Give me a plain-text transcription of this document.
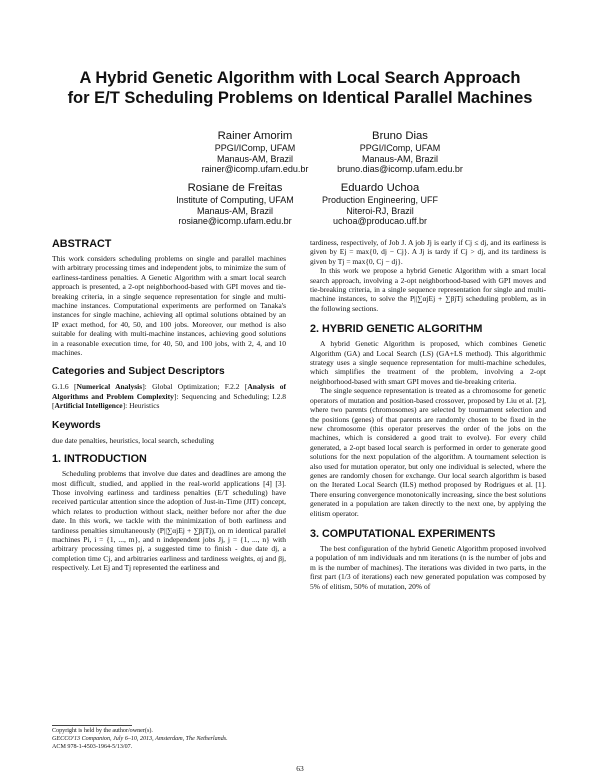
A Hybrid Genetic Algorithm with Local Search Approach
for E/T Scheduling Problems on Identical Parallel Machines
Rainer Amorim
PPGI/IComp, UFAM
Manaus-AM, Brazil
rainer@icomp.ufam.edu.br
Bruno Dias
PPGI/IComp, UFAM
Manaus-AM, Brazil
bruno.dias@icomp.ufam.edu.br
Rosiane de Freitas
Institute of Computing, UFAM
Manaus-AM, Brazil
rosiane@icomp.ufam.edu.br
Eduardo Uchoa
Production Engineering, UFF
Niteroi-RJ, Brazil
uchoa@producao.uff.br

ABSTRACT

This work considers scheduling problems on single and parallel machines with arbitrary processing times and independent jobs, to minimize the sum of earliness-tardiness penalties. A Genetic Algorithm with a smart local search approach is presented, a 2-opt neighborhood-based with GPI moves and tie-breaking criteria, in a single sequence representation for single and multi-machine instances. Computational experiments are performed on Tanaka's instances for single machine, achieving all optimal solutions obtained by an IP exact method, for 40, 50, and 100 jobs. Moreover, our method is also suitable for dealing with multi-machine instances, achieving good solutions in a reasonable execution time, for 40, 50, and 100 jobs, with 2, 4, and 10 machines.

Categories and Subject Descriptors

G.1.6 [Numerical Analysis]: Global Optimization; F.2.2 [Analysis of Algorithms and Problem Complexity]: Sequencing and Scheduling; I.2.8 [Artificial Intelligence]: Heuristics

Keywords

due date penalties, heuristics, local search, scheduling

1. INTRODUCTION

Scheduling problems that involve due dates and deadlines are among the most difficult, studied, and applied in the real-world applications [4] [3]. Those involving earliness and tardiness penalties (E/T scheduling) have received particular attention since the adoption of Just-in-Time (JIT) concept, which relates to production without slack, neither before nor after the due date. In this work, we tackle with the minimization of both earliness and tardiness penalties simultaneously (P||∑αjEj + ∑βjTj), on m identical parallel machines Pi, i = {1, ..., m}, and n independent jobs Jj, j = {1, ..., n} with arbitrary processing times pj, a suggested time to finish - due date dj, a completion time Cj, and arbitraries earliness and tardiness weights, αj and βj, respectively. Let Ej and Tj represented the earliness and

Copyright is held by the author/owner(s).
GECCO'13 Companion, July 6–10, 2013, Amsterdam, The Netherlands.
ACM 978-1-4503-1964-5/13/07.

tardiness, respectively, of Job J. A job Jj is early if Cj ≤ dj, and its earliness is given by Ej = max{0, dj − Cj}. A Jj is tardy if Cj > dj, and its tardiness is given by Tj = max{0, Cj − dj}.

In this work we propose a hybrid Genetic Algorithm with a smart local search approach, involving a 2-opt neighborhood-based with GPI moves and tie-breaking criteria, in a single sequence representation for single and multi-machine instances, to solve the P||∑αjEj + ∑βjTj scheduling problem, as in the following sections.

2. HYBRID GENETIC ALGORITHM

A hybrid Genetic Algorithm is proposed, which combines Genetic Algorithm (GA) and Local Search (LS) (GA+LS method). This algorithmic strategy uses a single sequence representation for multi-machine schedules, which simplifies the treatment of the problem, involving a 2-opt neighborhood-based with smart GPI moves and tie-breaking criteria.

The single sequence representation is treated as a chromosome for genetic operators of mutation and position-based crossover, proposed by Liu et al. [2], where two parents (chromosomes) are selected by tournament selection and the positions (genes) of that parents are randomly chosen to be fixed in the new chromosome (this operator preserves the order of the jobs on the machines, which is considered a good trait to evolve). For every child generated, a 2-opt based local search is performed in order to generate good solutions for the next population of the algorithm. A tournament selection is also used for mutation operator, but only one individual is selected, where the genes are randomly chosen for exchange. Our local search algorithm is based on the Iterated Local Search (ILS) method proposed by Rodrigues et al. [1]. There ensuring convergence monotonically increasing, since the best solutions generated in a population are taken directly to the next one, by applying the elitism operator.

3. COMPUTATIONAL EXPERIMENTS

The best configuration of the hybrid Genetic Algorithm proposed involved a population of nm individuals and nm iterations (n is the number of jobs and m is the number of machines). The iterations was divided in two parts, in the first part (1/3 of iterations) each new generated population was composed by 5% of elitism, 50% of mutation, 20% of

63
